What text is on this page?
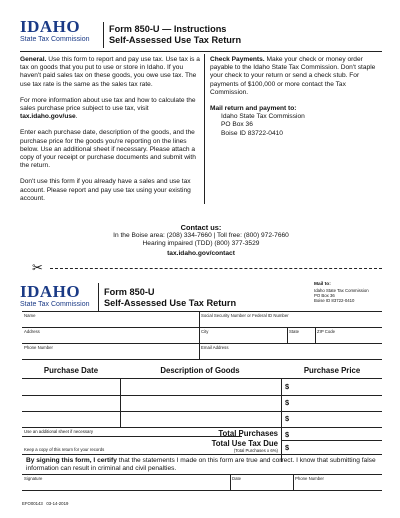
IDAHO
State Tax Commission
Form 850-U — Instructions
Self-Assessed Use Tax Return

General. Use this form to report and pay use tax. Use tax is a tax on goods that you put to use or store in Idaho. If you haven't paid sales tax on these goods, you owe use tax. The use tax rate is the same as the sales tax rate.

For more information about use tax and how to calculate the sales purchase price subject to use tax, visit tax.idaho.gov/use.

Enter each purchase date, description of the goods, and the purchase price for the goods you're reporting on the lines below. Use an additional sheet if necessary. Please attach a copy of your receipt or purchase documents and submit with the return.

Don't use this form if you already have a sales and use tax account. Please report and pay use tax using your existing account.

Check Payments. Make your check or money order payable to the Idaho State Tax Commission. Don't staple your check to your return or send a check stub. For payments of $100,000 or more contact the Tax Commission.

Mail return and payment to:

Idaho State Tax Commission
PO Box 36
Boise ID 83722-0410
Contact us:
In the Boise area: (208) 334-7660 | Toll free: (800) 972-7660
Hearing impaired (TDD) (800) 377-3529
tax.idaho.gov/contact
✂
IDAHO
State Tax Commission
Form 850-U
Self-Assessed Use Tax Return
Mail to:
Idaho State Tax Commission
PO Box 36
Boise ID 83722-0410
Name	Social Security Number or Federal ID Number
Address	City	State	ZIP Code
Phone Number	Email Address
Purchase Date	Description of Goods	Purchase Price
$
$
$
Use an additional sheet if necessary	Total Purchases $
Total Use Tax Due
(Total Purchases x 6%)
Keep a copy of this return for your records	$
By signing this form, I certify that the statements I made on this form are true and correct. I know that submitting false information can result in criminal and civil penalties.
Signature	Date	Phone Number
EFO00143   03-14-2019
